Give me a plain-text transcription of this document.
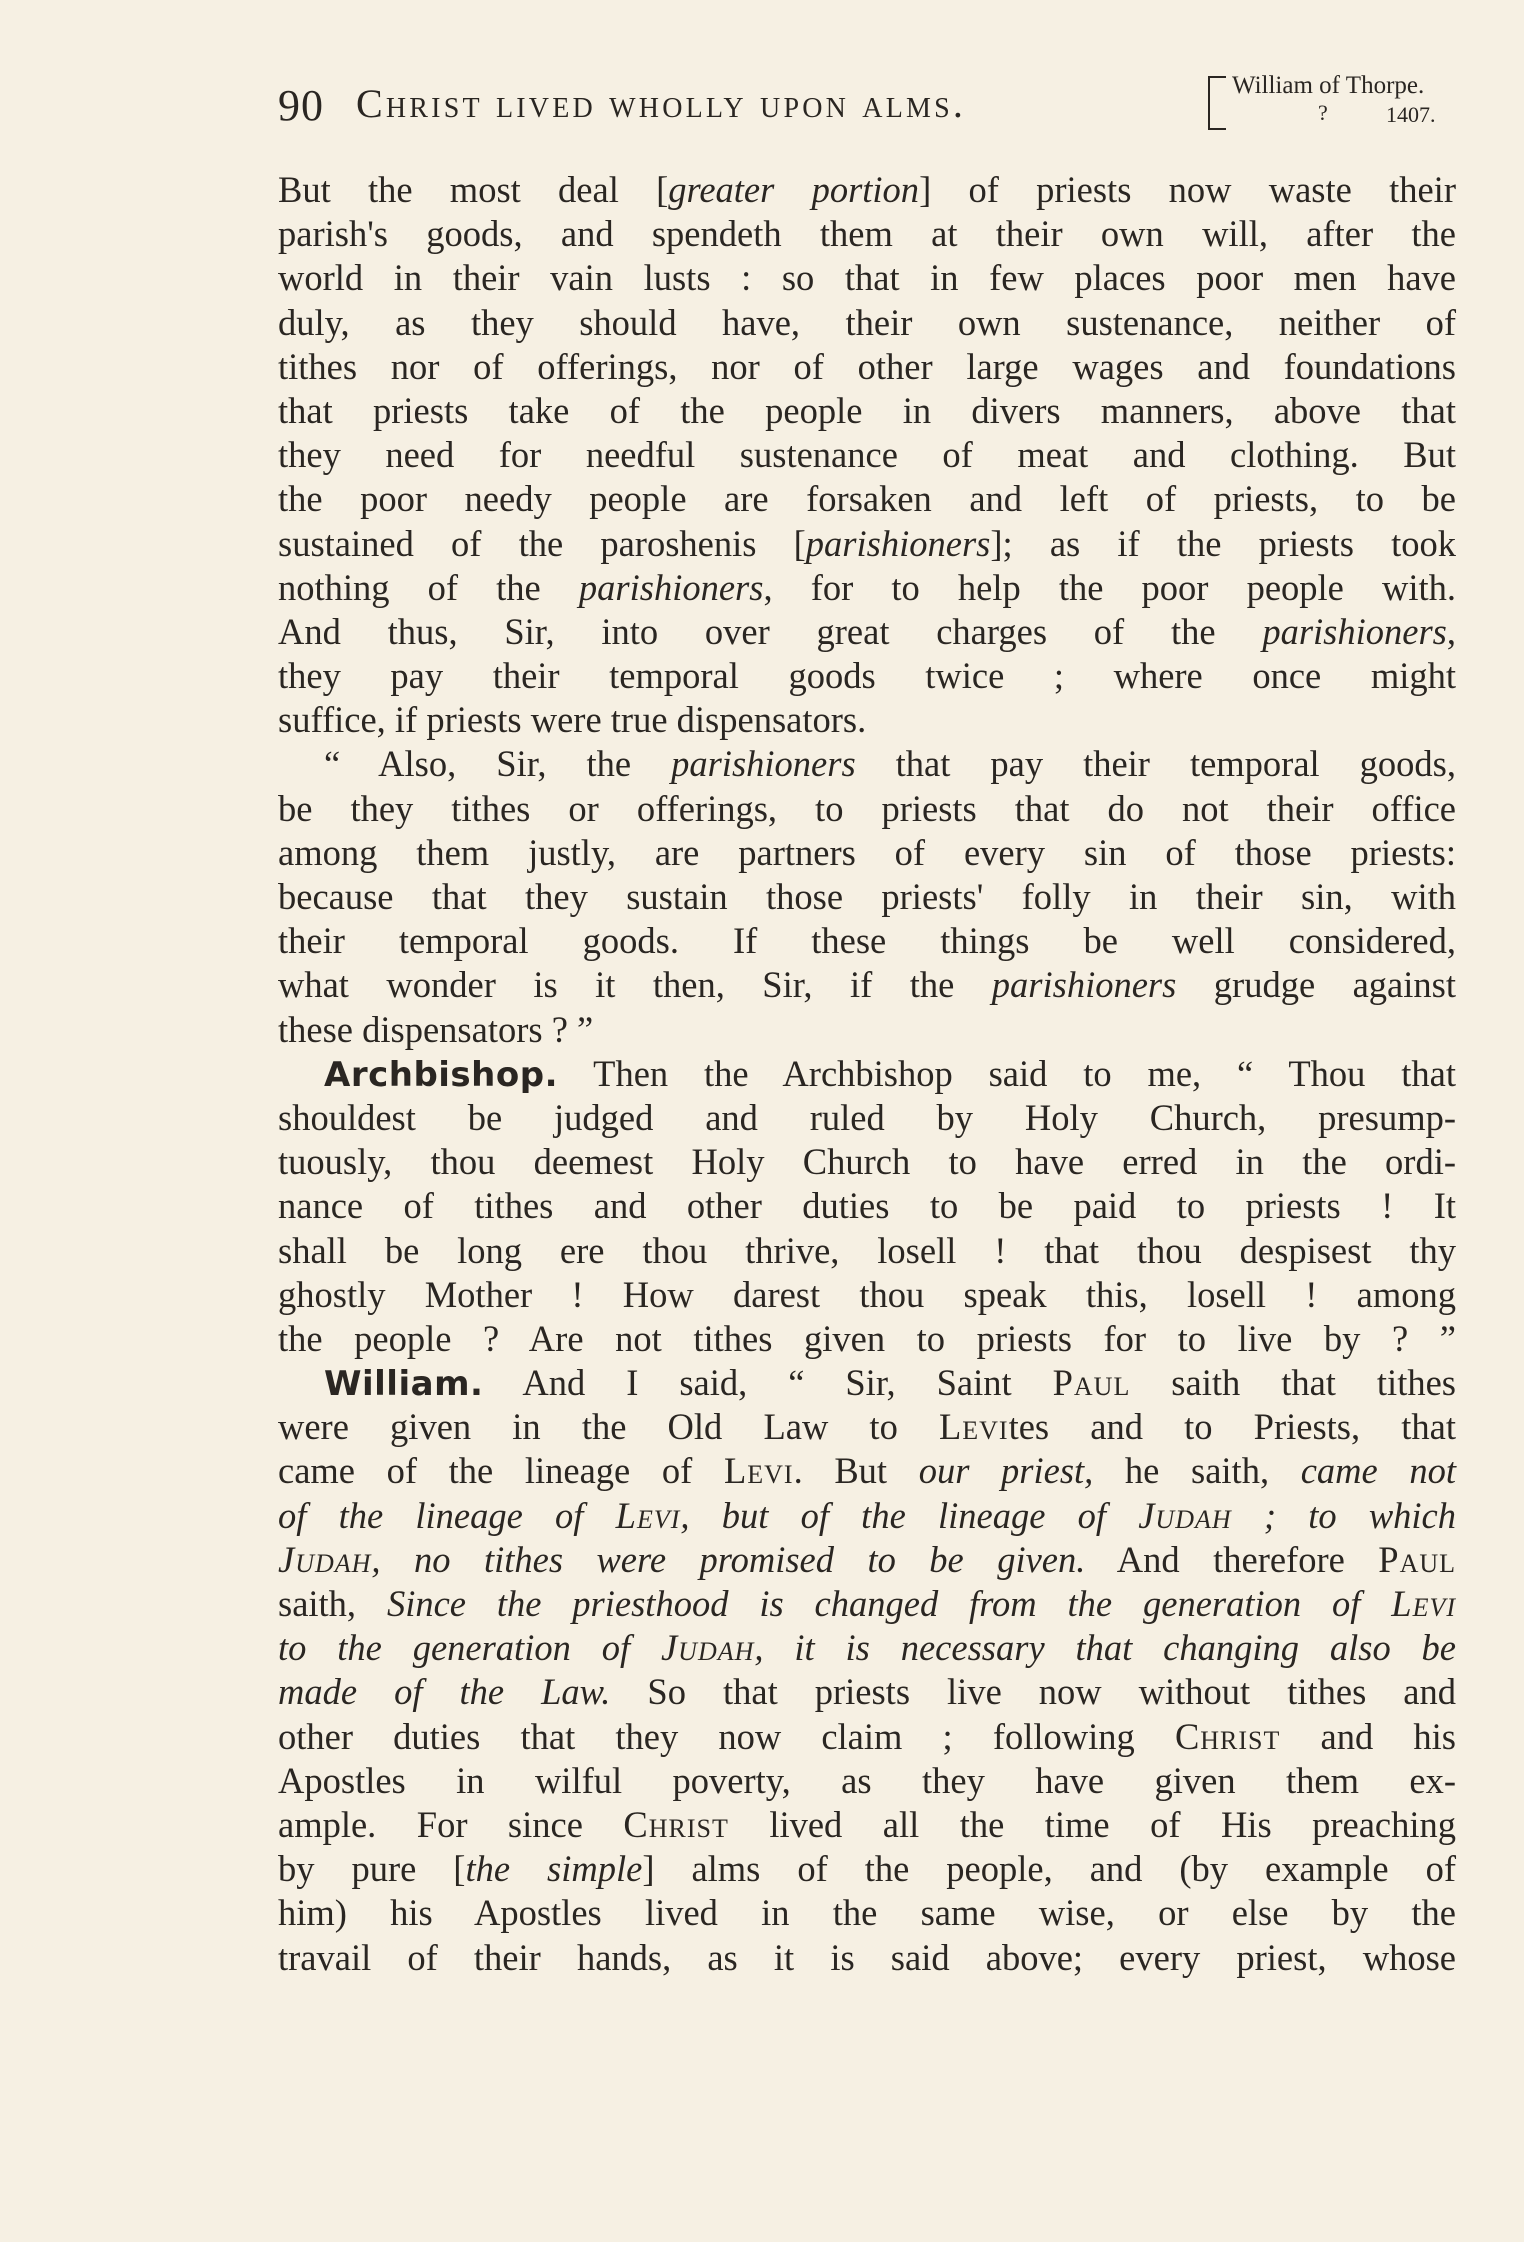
90 Christ lived wholly upon alms.	William of Thorpe.
?	1407.
But the most deal [greater portion] of priests now waste their
parish's goods, and spendeth them at their own will, after the
world in their vain lusts : so that in few places poor men have
duly, as they should have, their own sustenance, neither of
tithes nor of offerings, nor of other large wages and foundations
that priests take of the people in divers manners, above that
they need for needful sustenance of meat and clothing. But
the poor needy people are forsaken and left of priests, to be
sustained of the paroshenis [parishioners]; as if the priests took
nothing of the parishioners, for to help the poor people with.
And thus, Sir, into over great charges of the parishioners,
they pay their temporal goods twice ; where once might
suffice, if priests were true dispensators.
“ Also, Sir, the parishioners that pay their temporal goods,
be they tithes or offerings, to priests that do not their office
among them justly, are partners of every sin of those priests:
because that they sustain those priests' folly in their sin, with
their temporal goods. If these things be well considered,
what wonder is it then, Sir, if the parishioners grudge against
these dispensators ? ”
Archbishop. Then the Archbishop said to me, “ Thou that
shouldest be judged and ruled by Holy Church, presump-
tuously, thou deemest Holy Church to have erred in the ordi-
nance of tithes and other duties to be paid to priests ! It
shall be long ere thou thrive, losell ! that thou despisest thy
ghostly Mother ! How darest thou speak this, losell ! among
the people ? Are not tithes given to priests for to live by ? ”
William. And I said, “ Sir, Saint Paul saith that tithes
were given in the Old Law to Levites and to Priests, that
came of the lineage of Levi. But our priest, he saith, came not
of the lineage of Levi, but of the lineage of Judah ; to which
Judah, no tithes were promised to be given. And therefore Paul
saith, Since the priesthood is changed from the generation of Levi
to the generation of Judah, it is necessary that changing also be
made of the Law. So that priests live now without tithes and
other duties that they now claim ; following Christ and his
Apostles in wilful poverty, as they have given them ex-
ample. For since Christ lived all the time of His preaching
by pure [the simple] alms of the people, and (by example of
him) his Apostles lived in the same wise, or else by the
travail of their hands, as it is said above; every priest, whose
